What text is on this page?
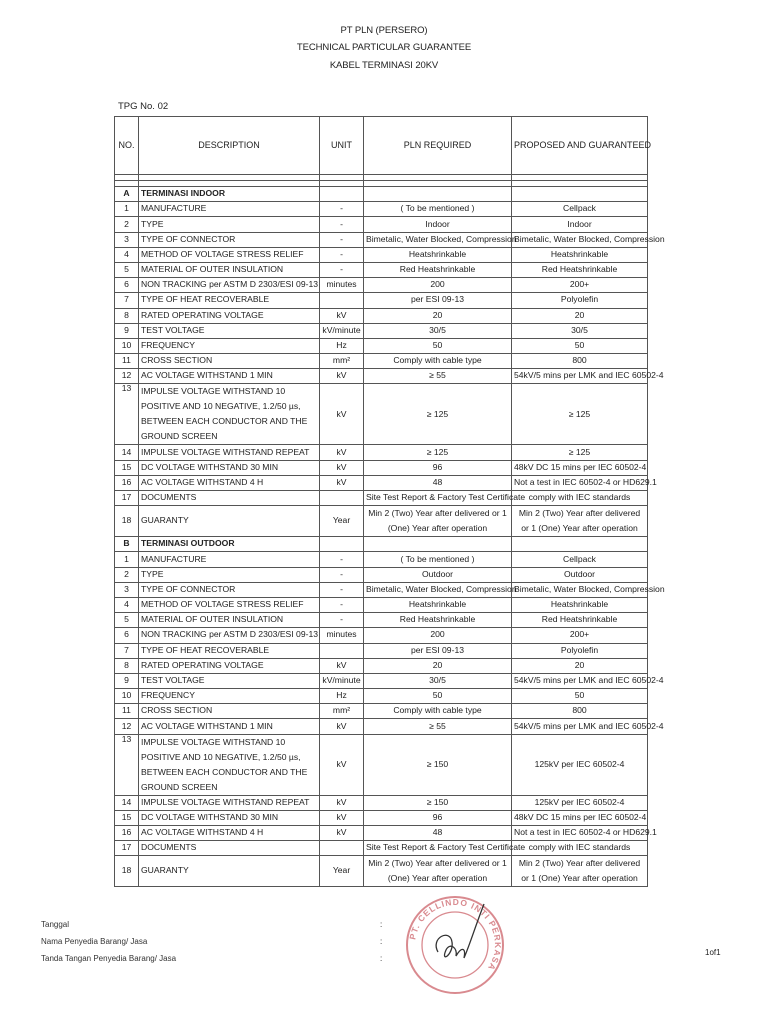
PT PLN (PERSERO)
TECHNICAL PARTICULAR GUARANTEE
KABEL TERMINASI 20KV
TPG No. 02
NO.	DESCRIPTION	UNIT	PLN REQUIRED	PROPOSED AND GUARANTEED

A	TERMINASI INDOOR			
1	MANUFACTURE	-	( To be mentioned )	Cellpack
2	TYPE	-	Indoor	Indoor
3	TYPE OF CONNECTOR	-	Bimetalic, Water Blocked, Compression	Bimetalic, Water Blocked, Compression
4	METHOD OF VOLTAGE STRESS RELIEF	-	Heatshrinkable	Heatshrinkable
5	MATERIAL OF OUTER INSULATION	-	Red Heatshrinkable	Red Heatshrinkable
6	NON TRACKING per ASTM D 2303/ESI 09-13	minutes	200	200+
7	TYPE OF HEAT RECOVERABLE		per ESI 09-13	Polyolefin
8	RATED OPERATING VOLTAGE	kV	20	20
9	TEST VOLTAGE	kV/minute	30/5	30/5
10	FREQUENCY	Hz	50	50
11	CROSS SECTION	mm²	Comply with cable type	800
12	AC VOLTAGE WITHSTAND 1 MIN	kV	≥ 55	54kV/5 mins per LMK and IEC 60502-4
13	IMPULSE VOLTAGE WITHSTAND 10 POSITIVE AND 10 NEGATIVE, 1.2/50 µs, BETWEEN EACH CONDUCTOR AND THE GROUND SCREEN	kV	≥ 125	≥ 125
14	IMPULSE VOLTAGE WITHSTAND REPEAT	kV	≥ 125	≥ 125
15	DC VOLTAGE WITHSTAND 30 MIN	kV	96	48kV DC 15 mins per IEC 60502-4
16	AC VOLTAGE WITHSTAND 4 H	kV	48	Not a test in IEC 60502-4 or HD629.1
17	DOCUMENTS		Site Test Report & Factory Test Certificate	comply with IEC standards
18	GUARANTY	Year	Min 2 (Two) Year after delivered or 1 (One) Year after operation	Min 2 (Two) Year after delivered or 1 (One) Year after operation
B	TERMINASI OUTDOOR			
1	MANUFACTURE	-	( To be mentioned )	Cellpack
2	TYPE	-	Outdoor	Outdoor
3	TYPE OF CONNECTOR	-	Bimetalic, Water Blocked, Compression	Bimetalic, Water Blocked, Compression
4	METHOD OF VOLTAGE STRESS RELIEF	-	Heatshrinkable	Heatshrinkable
5	MATERIAL OF OUTER INSULATION	-	Red Heatshrinkable	Red Heatshrinkable
6	NON TRACKING per ASTM D 2303/ESI 09-13	minutes	200	200+
7	TYPE OF HEAT RECOVERABLE		per ESI 09-13	Polyolefin
8	RATED OPERATING VOLTAGE	kV	20	20
9	TEST VOLTAGE	kV/minute	30/5	54kV/5 mins per LMK and IEC 60502-4
10	FREQUENCY	Hz	50	50
11	CROSS SECTION	mm²	Comply with cable type	800
12	AC VOLTAGE WITHSTAND 1 MIN	kV	≥ 55	54kV/5 mins per LMK and IEC 60502-4
13	IMPULSE VOLTAGE WITHSTAND 10 POSITIVE AND 10 NEGATIVE, 1.2/50 µs, BETWEEN EACH CONDUCTOR AND THE GROUND SCREEN	kV	≥ 150	125kV per IEC 60502-4
14	IMPULSE VOLTAGE WITHSTAND REPEAT	kV	≥ 150	125kV per IEC 60502-4
15	DC VOLTAGE WITHSTAND 30 MIN	kV	96	48kV DC 15 mins per IEC 60502-4
16	AC VOLTAGE WITHSTAND 4 H	kV	48	Not a test in IEC 60502-4 or HD629.1
17	DOCUMENTS		Site Test Report & Factory Test Certificate	comply with IEC standards
18	GUARANTY	Year	Min 2 (Two) Year after delivered or 1 (One) Year after operation	Min 2 (Two) Year after delivered or 1 (One) Year after operation
Tanggal
Nama Penyedia Barang/ Jasa
Tanda Tangan Penyedia Barang/ Jasa
:
:
:
1of1
PT. CELLINDO INTI PERKASA
